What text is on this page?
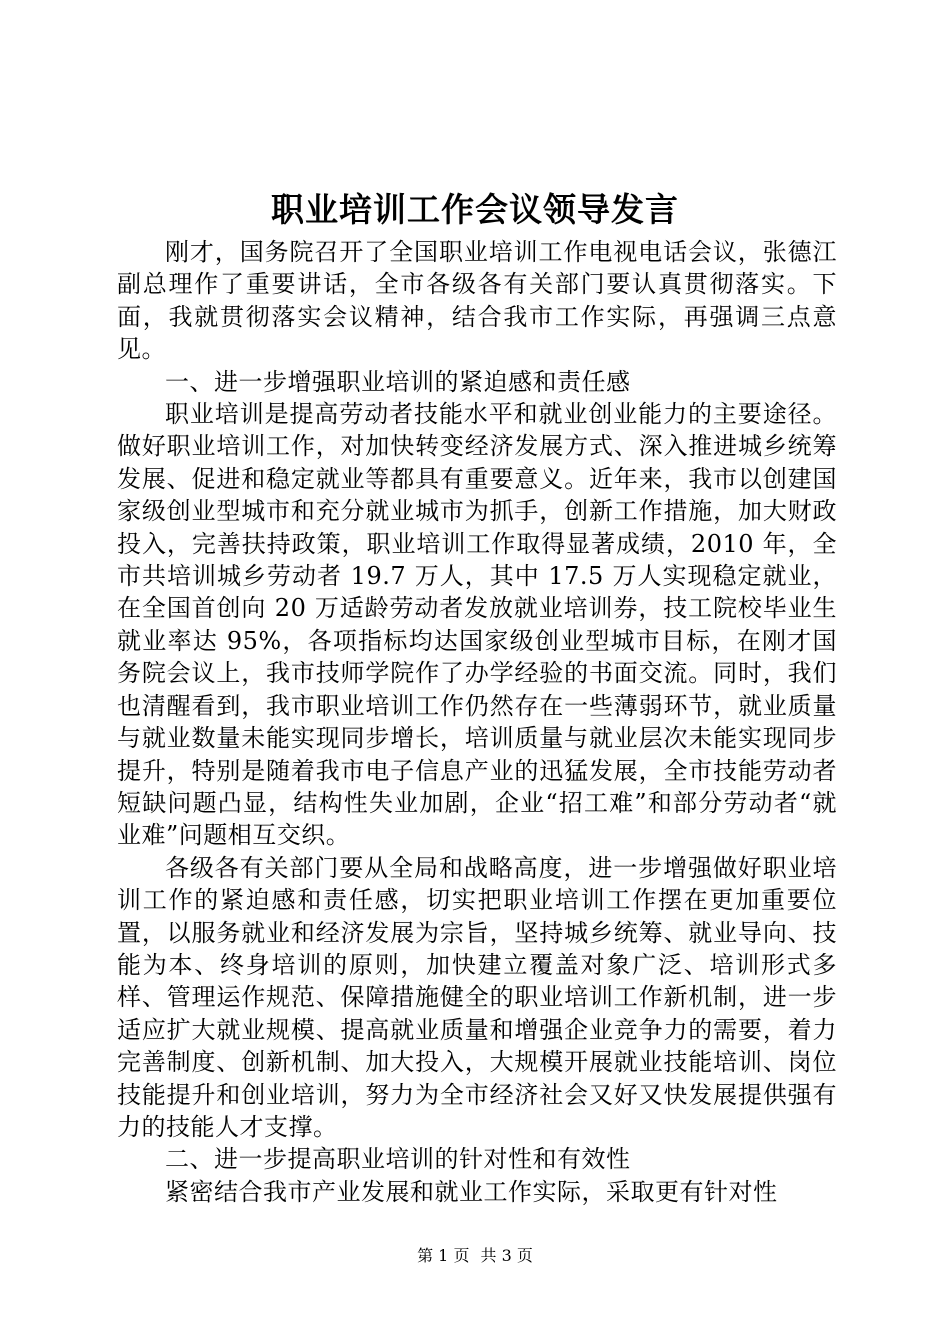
职业培训工作会议领导发言

刚才，国务院召开了全国职业培训工作电视电话会议，张德江副总理作了重要讲话，全市各级各有关部门要认真贯彻落实。下面，我就贯彻落实会议精神，结合我市工作实际，再强调三点意见。

一、进一步增强职业培训的紧迫感和责任感

职业培训是提高劳动者技能水平和就业创业能力的主要途径。做好职业培训工作，对加快转变经济发展方式、深入推进城乡统筹发展、促进和稳定就业等都具有重要意义。近年来，我市以创建国家级创业型城市和充分就业城市为抓手，创新工作措施，加大财政投入，完善扶持政策，职业培训工作取得显著成绩，2010 年，全市共培训城乡劳动者 19.7 万人，其中 17.5 万人实现稳定就业，在全国首创向 20 万适龄劳动者发放就业培训券，技工院校毕业生就业率达 95%，各项指标均达国家级创业型城市目标，在刚才国务院会议上，我市技师学院作了办学经验的书面交流。同时，我们也清醒看到，我市职业培训工作仍然存在一些薄弱环节，就业质量与就业数量未能实现同步增长，培训质量与就业层次未能实现同步提升，特别是随着我市电子信息产业的迅猛发展，全市技能劳动者短缺问题凸显，结构性失业加剧，企业“招工难”和部分劳动者“就业难”问题相互交织。

各级各有关部门要从全局和战略高度，进一步增强做好职业培训工作的紧迫感和责任感，切实把职业培训工作摆在更加重要位置，以服务就业和经济发展为宗旨，坚持城乡统筹、就业导向、技能为本、终身培训的原则，加快建立覆盖对象广泛、培训形式多样、管理运作规范、保障措施健全的职业培训工作新机制，进一步适应扩大就业规模、提高就业质量和增强企业竞争力的需要，着力完善制度、创新机制、加大投入，大规模开展就业技能培训、岗位技能提升和创业培训，努力为全市经济社会又好又快发展提供强有力的技能人才支撑。

二、进一步提高职业培训的针对性和有效性

紧密结合我市产业发展和就业工作实际，采取更有针对性

第 1 页 共 3 页
